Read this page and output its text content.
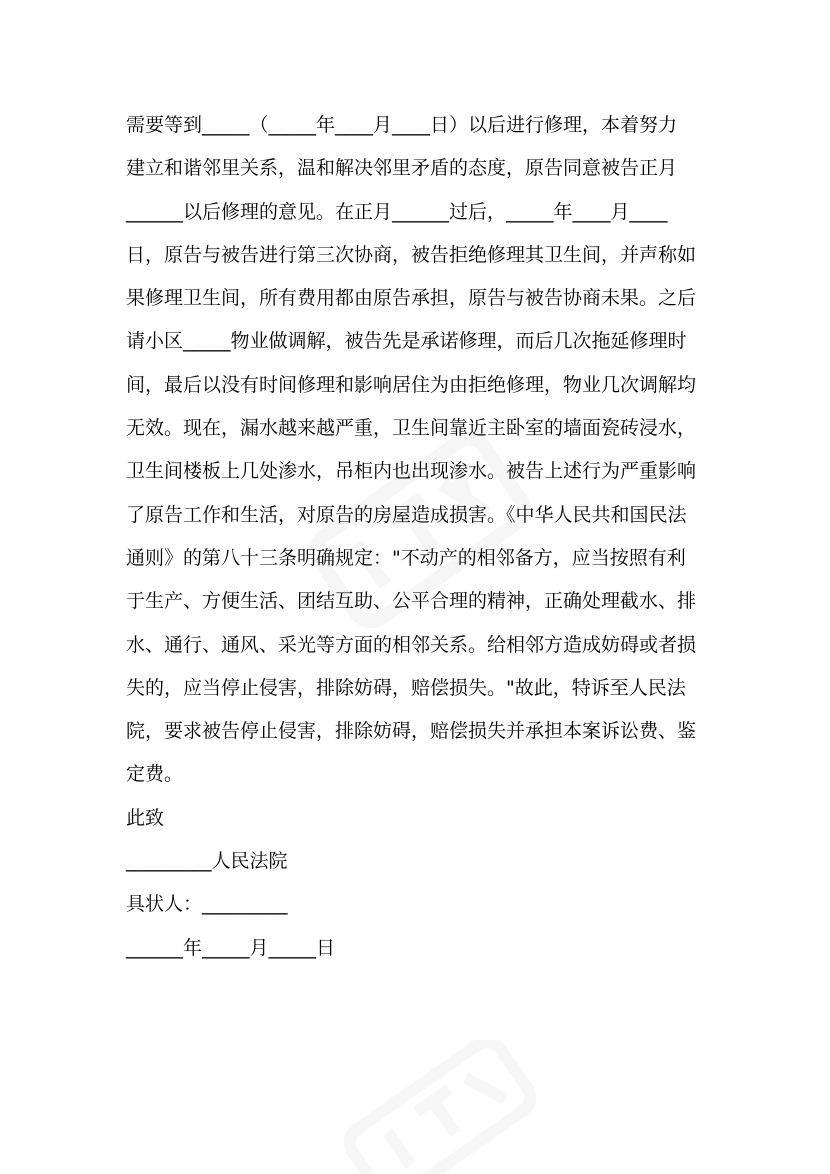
需要等到_____（_____年____月____日）以后进行修理，本着努力
建立和谐邻里关系，温和解决邻里矛盾的态度，原告同意被告正月
______以后修理的意见。在正月______过后，_____年____月____
日，原告与被告进行第三次协商，被告拒绝修理其卫生间，并声称如
果修理卫生间，所有费用都由原告承担，原告与被告协商未果。之后
请小区_____物业做调解，被告先是承诺修理，而后几次拖延修理时
间，最后以没有时间修理和影响居住为由拒绝修理，物业几次调解均
无效。现在，漏水越来越严重，卫生间靠近主卧室的墙面瓷砖浸水，
卫生间楼板上几处渗水，吊柜内也出现渗水。被告上述行为严重影响
了原告工作和生活，对原告的房屋造成损害。《中华人民共和国民法
通则》的第八十三条明确规定："不动产的相邻备方，应当按照有利
于生产、方便生活、团结互助、公平合理的精神，正确处理截水、排
水、通行、通风、采光等方面的相邻关系。给相邻方造成妨碍或者损
失的，应当停止侵害，排除妨碍，赔偿损失。"故此，特诉至人民法
院，要求被告停止侵害，排除妨碍，赔偿损失并承担本案诉讼费、鉴
定费。
此致
_________人民法院
具状人：_________
______年_____月_____日
